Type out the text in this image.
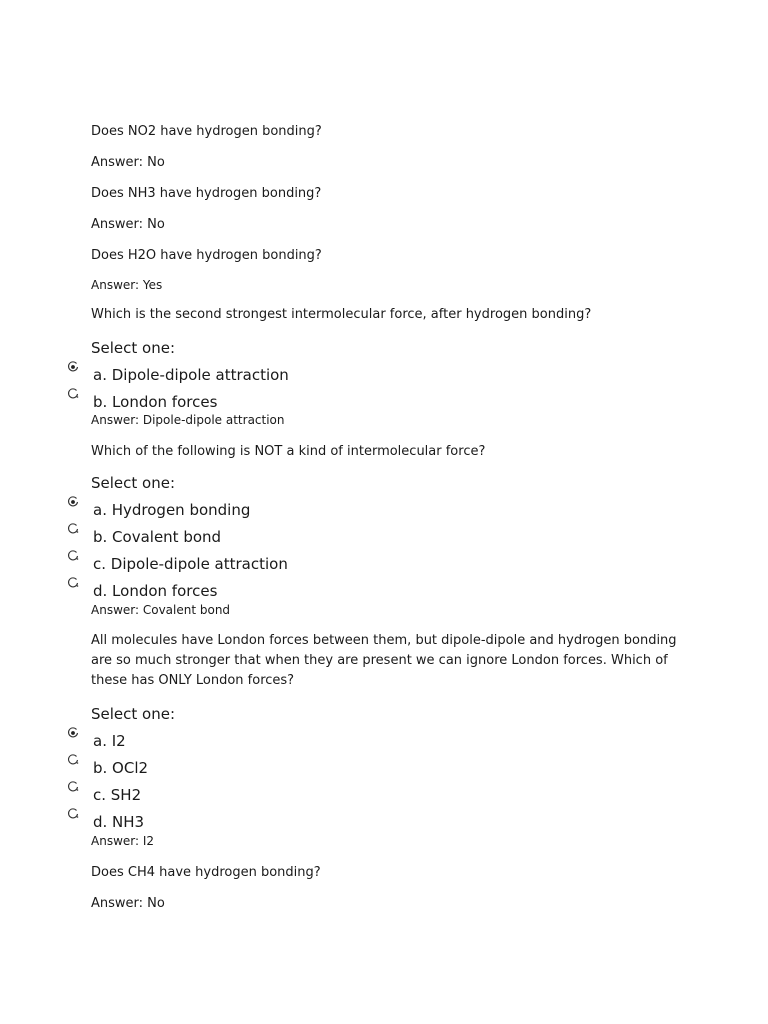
Does NO2 have hydrogen bonding?
Answer: No
Does NH3 have hydrogen bonding?
Answer: No
Does H2O have hydrogen bonding?
Answer: Yes
Which is the second strongest intermolecular force, after hydrogen bonding?
Select one:
a. Dipole-dipole attraction
b. London forces
Answer: Dipole-dipole attraction
Which of the following is NOT a kind of intermolecular force?
Select one:
a. Hydrogen bonding
b. Covalent bond
c. Dipole-dipole attraction
d. London forces
Answer: Covalent bond
All molecules have London forces between them, but dipole-dipole and hydrogen bonding are so much stronger that when they are present we can ignore London forces. Which of these has ONLY London forces?
Select one:
a. I2
b. OCl2
c. SH2
d. NH3
Answer: I2
Does CH4 have hydrogen bonding?
Answer: No
